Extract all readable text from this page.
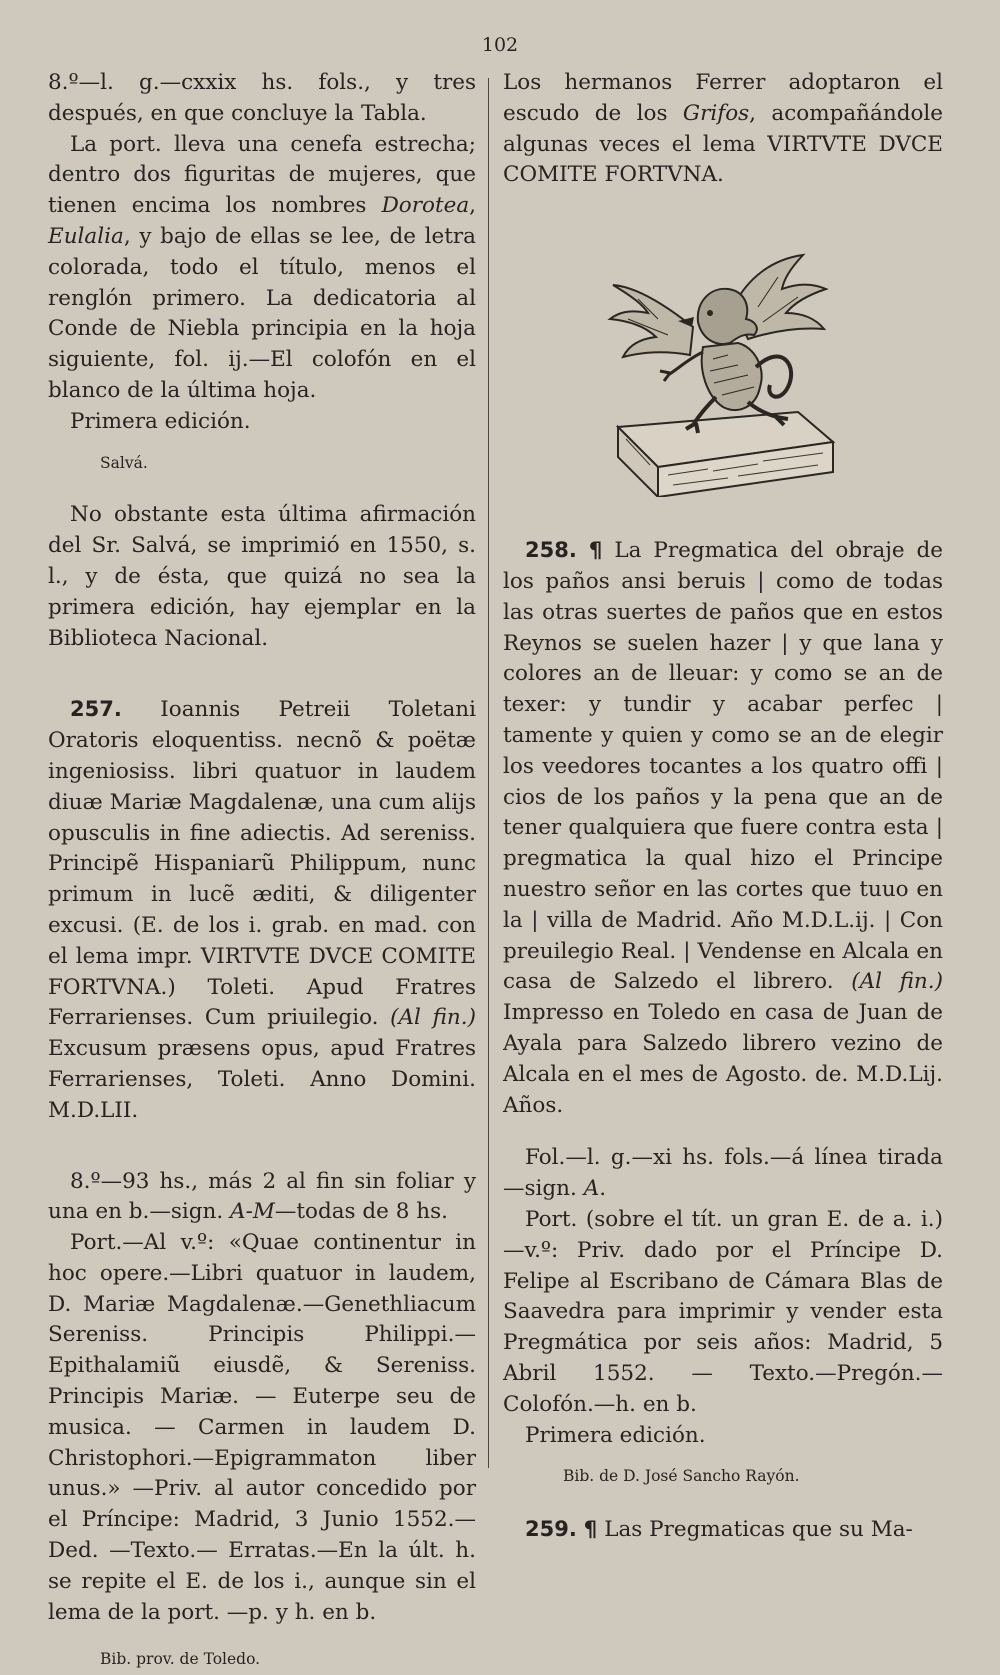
102

8.º—l. g.—cxxix hs. fols., y tres después, en que concluye la Tabla.

La port. lleva una cenefa estrecha; dentro dos figuritas de mujeres, que tienen encima los nombres Dorotea, Eulalia, y bajo de ellas se lee, de letra colorada, todo el título, menos el renglón primero. La dedicatoria al Conde de Niebla principia en la hoja siguiente, fol. ij.—El colofón en el blanco de la última hoja.

Primera edición.

Salvá.

No obstante esta última afirmación del Sr. Salvá, se imprimió en 1550, s. l., y de ésta, que quizá no sea la primera edición, hay ejemplar en la Biblioteca Nacional.

257. Ioannis Petreii Toletani Oratoris eloquentiss. necnõ & poëtæ ingeniosiss. libri quatuor in laudem diuæ Mariæ Magdalenæ, una cum alijs opusculis in fine adiectis. Ad sereniss. Principẽ Hispaniarũ Philippum, nunc primum in lucẽ æditi, & diligenter excusi. (E. de los i. grab. en mad. con el lema impr. VIRTVTE DVCE COMITE FORTVNA.) Toleti. Apud Fratres Ferrarienses. Cum priuilegio. (Al fin.) Excusum præsens opus, apud Fratres Ferrarienses, Toleti. Anno Domini. M.D.LII.

8.º—93 hs., más 2 al fin sin foliar y una en b.—sign. A-M—todas de 8 hs.

Port.—Al v.º: «Quae continentur in hoc opere.—Libri quatuor in laudem, D. Mariæ Magdalenæ.—Genethliacum Sereniss. Principis Philippi.—Epithalamiũ eiusdẽ, & Sereniss. Principis Mariæ. — Euterpe seu de musica. — Carmen in laudem D. Christophori.—Epigrammaton liber unus.» —Priv. al autor concedido por el Príncipe: Madrid, 3 Junio 1552.—Ded. —Texto.— Erratas.—En la últ. h. se repite el E. de los i., aunque sin el lema de la port. —p. y h. en b.

Bib. prov. de Toledo.

Los hermanos Ferrer adoptaron el escudo de los Grifos, acompañándole algunas veces el lema VIRTVTE DVCE COMITE FORTVNA.

258. ¶ La Pregmatica del obraje de los paños ansi beruis | como de todas las otras suertes de paños que en estos Reynos se suelen hazer | y que lana y colores an de lleuar: y como se an de texer: y tundir y acabar perfec | tamente y quien y como se an de elegir los veedores tocantes a los quatro offi | cios de los paños y la pena que an de tener qualquiera que fuere contra esta | pregmatica la qual hizo el Principe nuestro señor en las cortes que tuuo en la | villa de Madrid. Año M.D.L.ij. | Con preuilegio Real. | Vendense en Alcala en casa de Salzedo el librero. (Al fin.) Impresso en Toledo en casa de Juan de Ayala para Salzedo librero vezino de Alcala en el mes de Agosto. de. M.D.Lij. Años.

Fol.—l. g.—xi hs. fols.—á línea tirada —sign. A.

Port. (sobre el tít. un gran E. de a. i.)—v.º: Priv. dado por el Príncipe D. Felipe al Escribano de Cámara Blas de Saavedra para imprimir y vender esta Pregmática por seis años: Madrid, 5 Abril 1552. — Texto.—Pregón.—Colofón.—h. en b.

Primera edición.

Bib. de D. José Sancho Rayón.

259. ¶ Las Pregmaticas que su Ma-
